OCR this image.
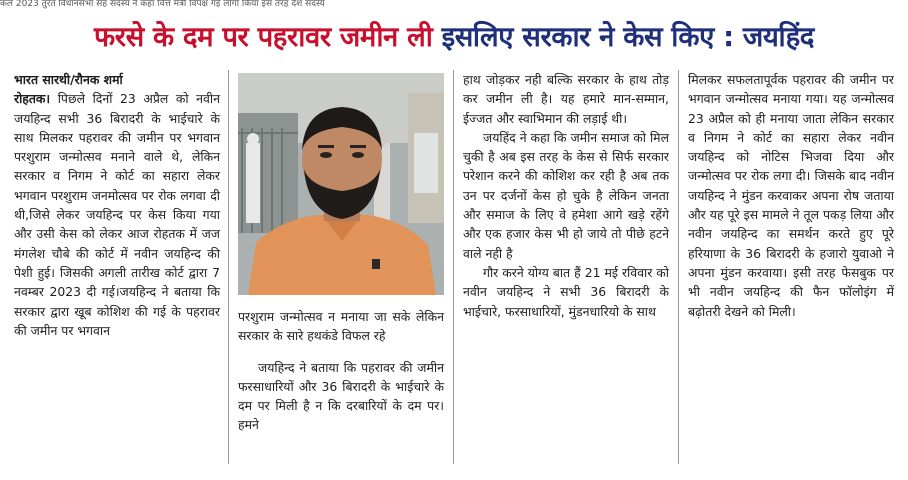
कल 2023 तुरत विधानसभा सह सदस्य ने कहा वित्त मंत्री विपक्ष गई लोगों किया इस तरह देश सदस्य
फरसे के दम पर पहरावर जमीन ली इसलिए सरकार ने केस किए : जयहिंद

भारत सारथी/रौनक शर्मा

रोहतक। पिछले दिनों 23 अप्रैल को नवीन जयहिन्द सभी 36 बिरादरी के भाईचारे के साथ मिलकर पहरावर की जमीन पर भगवान परशुराम जन्मोत्सव मनाने वाले थे, लेकिन सरकार व निगम ने कोर्ट का सहारा लेकर भगवान परशुराम जनमोत्सव पर रोक लगवा दी थी,जिसे लेकर जयहिन्द पर केस किया गया और उसी केस को लेकर आज रोहतक में जज मंगलेश चौबे की कोर्ट में नवीन जयहिन्द की पेशी हुई। जिसकी अगली तारीख कोर्ट द्वारा 7 नवम्बर 2023 दी गई।जयहिन्द ने बताया कि सरकार द्वारा खूब कोशिश की गई के पहरावर की जमीन पर भगवान

परशुराम जन्मोत्सव न मनाया जा सके लेकिन सरकार के सारे हथकंडे विफल रहे

जयहिन्द ने बताया कि पहरावर की जमीन फरसाधारियों और 36 बिरादरी के भाईचारे के दम पर मिली है न कि दरबारियों के दम पर। हमने

हाथ जोड़कर नही बल्कि सरकार के हाथ तोड़ कर जमीन ली है। यह हमारे मान-सम्मान, ईज्जत और स्वाभिमान की लड़ाई थी।

जयहिंद ने कहा कि जमीन समाज को मिल चुकी है अब इस तरह के केस से सिर्फ सरकार परेशान करने की कोशिश कर रही है अब तक उन पर दर्जनों केस हो चुके है लेकिन जनता और समाज के लिए वे हमेशा आगे खड़े रहेंगे और एक हजार केस भी हो जाये तो पीछे हटने वाले नही है

गौर करने योग्य बात हैं 21 मई रविवार को नवीन जयहिन्द ने सभी 36 बिरादरी के भाईचारे, फरसाधारियों, मुंडनधारियो के साथ

मिलकर सफलतापूर्वक पहरावर की जमीन पर भगवान जन्मोत्सव मनाया गया। यह जन्मोत्सव 23 अप्रैल को ही मनाया जाता लेकिन सरकार व निगम ने कोर्ट का सहारा लेकर नवीन जयहिन्द को नोटिस भिजवा दिया और जन्मोत्सव पर रोक लगा दी। जिसके बाद नवीन जयहिन्द ने मुंडन करवाकर अपना रोष जताया और यह पूरे इस मामले ने तूल पकड़ लिया और नवीन जयहिन्द का समर्थन करते हुए पूरे हरियाणा के 36 बिरादरी के हजारो युवाओ ने अपना मुंडन करवाया। इसी तरह फेसबुक पर भी नवीन जयहिन्द की फैन फॉलोइंग में बढ़ोतरी देखने को मिली।
